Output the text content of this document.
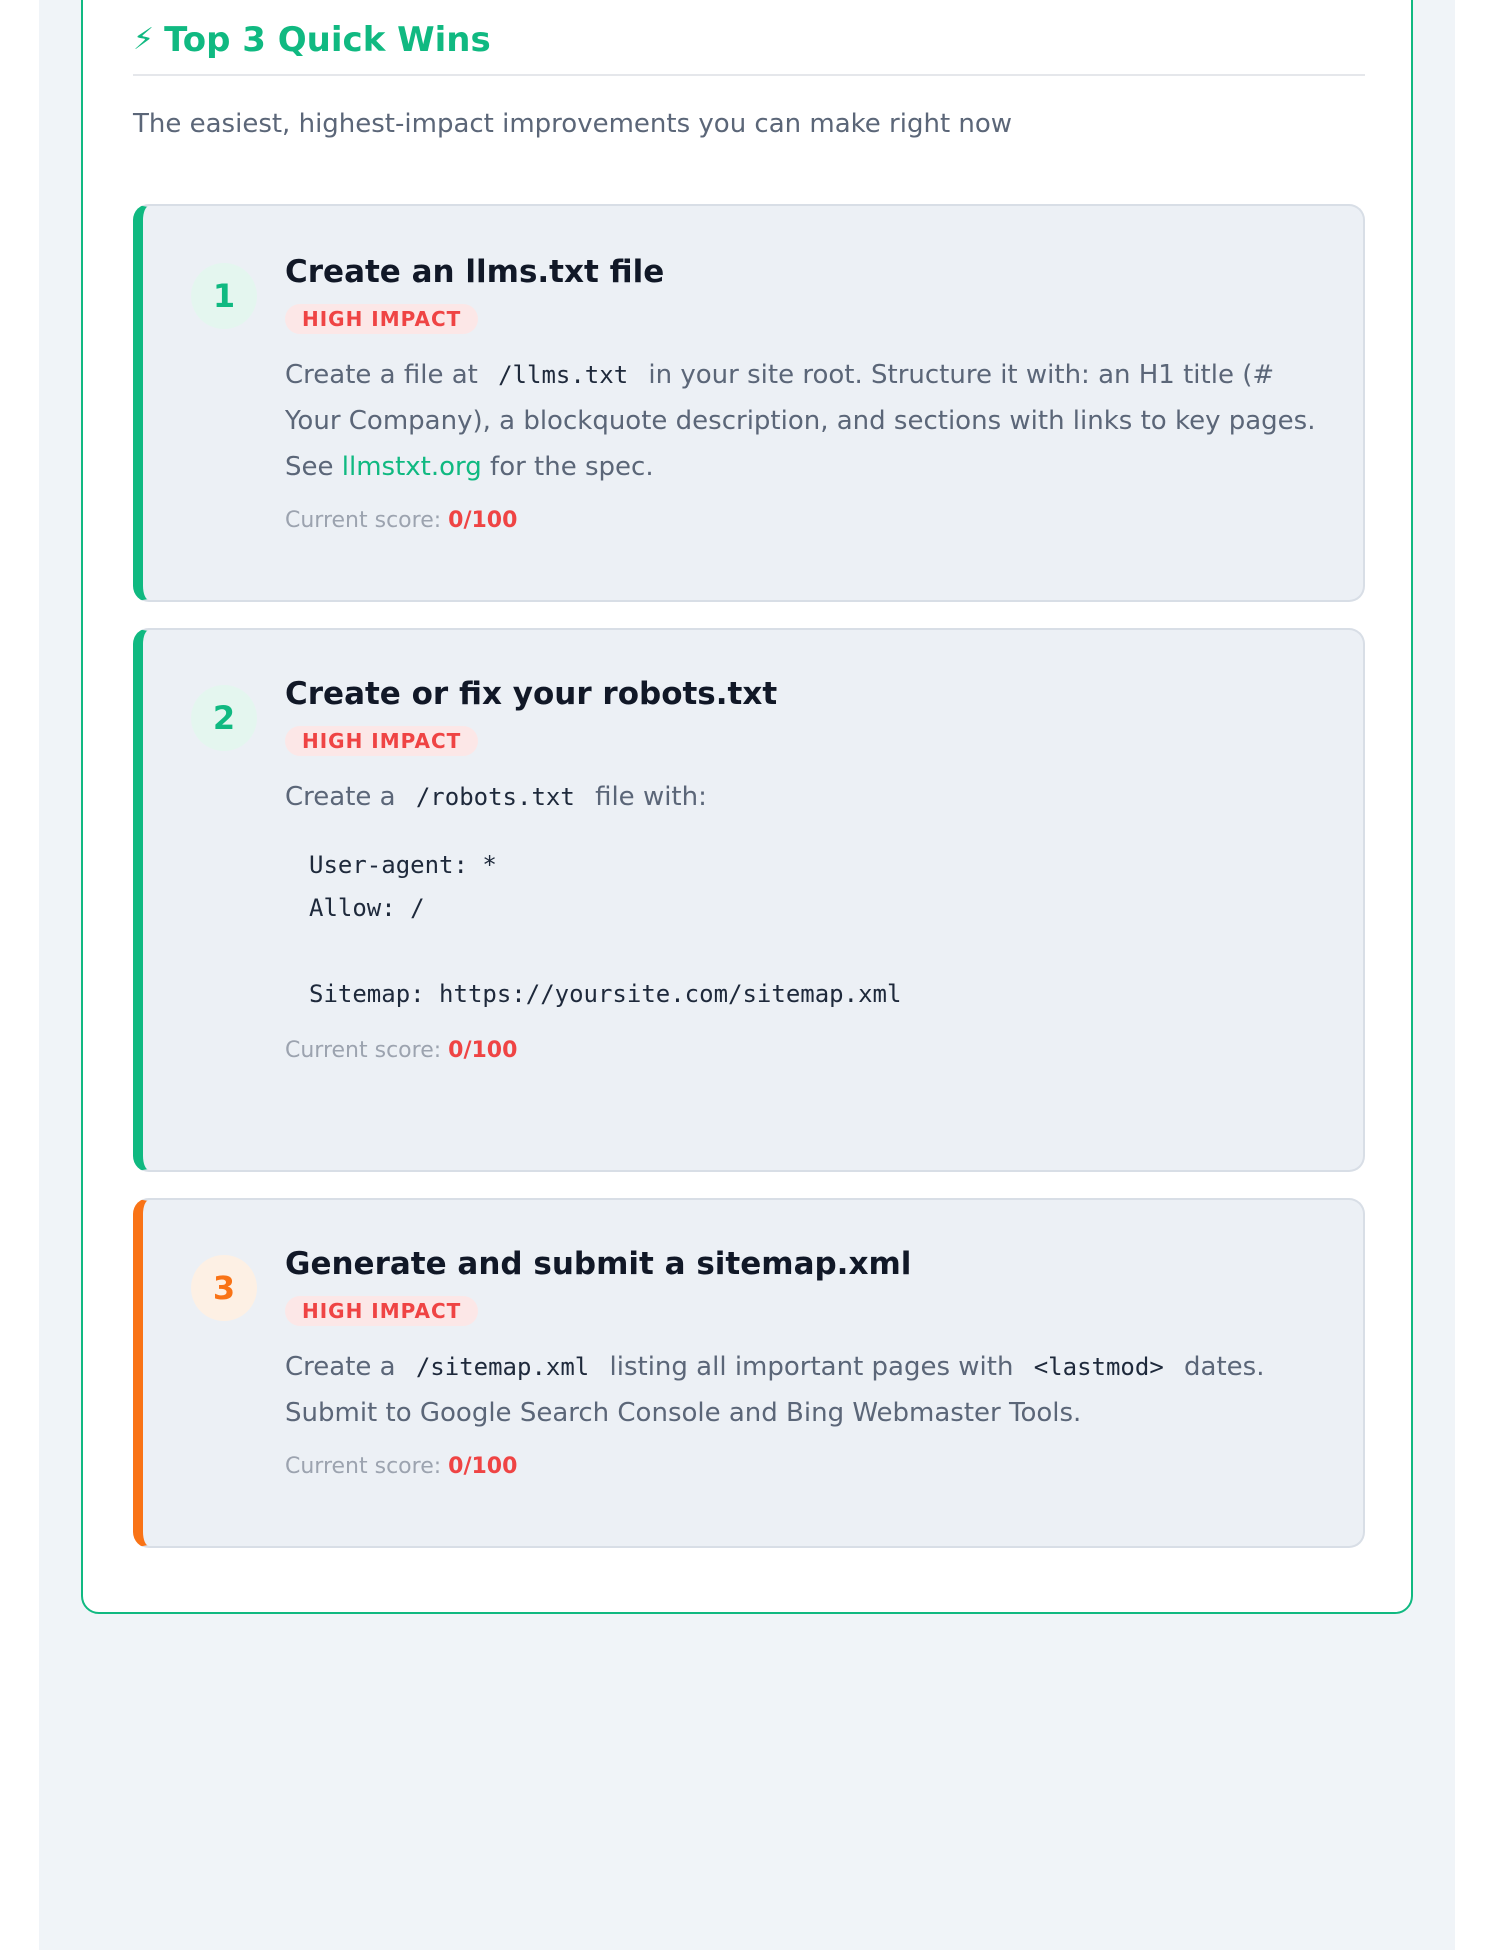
⚡ Top 3 Quick Wins

The easiest, highest-impact improvements you can make right now

1
Create an llms.txt file
HIGH IMPACT

Create a file at /llms.txt in your site root. Structure it with: an H1 title (# Your Company), a blockquote description, and sections with links to key pages. See llmstxt.org for the spec.

Current score: 0/100
2
Create or fix your robots.txt
HIGH IMPACT

Create a /robots.txt file with:

User-agent: *
Allow: /

Sitemap: https://yoursite.com/sitemap.xml
Current score: 0/100
3
Generate and submit a sitemap.xml
HIGH IMPACT

Create a /sitemap.xml listing all important pages with <lastmod> dates. Submit to Google Search Console and Bing Webmaster Tools.

Current score: 0/100
